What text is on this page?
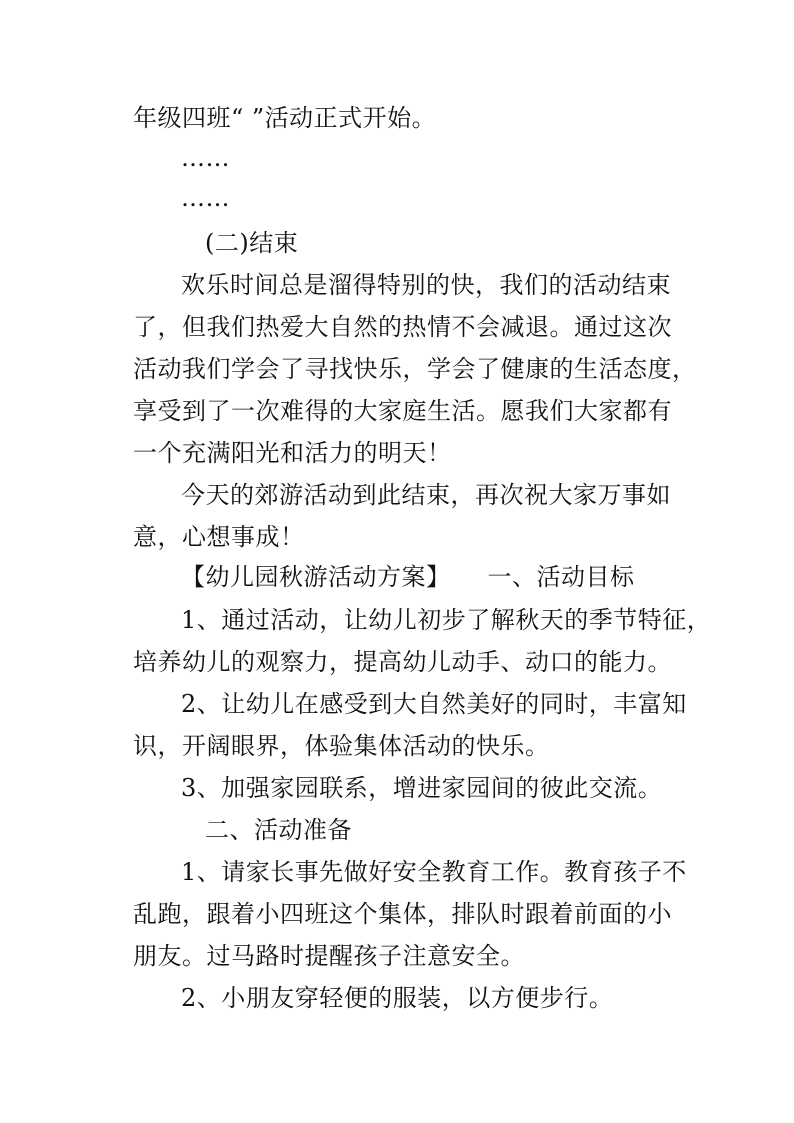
年级四班“ ”活动正式开始。
……
……
(二)结束
欢乐时间总是溜得特别的快，我们的活动结束
了，但我们热爱大自然的热情不会减退。通过这次
活动我们学会了寻找快乐，学会了健康的生活态度，
享受到了一次难得的大家庭生活。愿我们大家都有
一个充满阳光和活力的明天！
今天的郊游活动到此结束，再次祝大家万事如
意，心想事成！
【幼儿园秋游活动方案】　　一、活动目标
1、通过活动，让幼儿初步了解秋天的季节特征，
培养幼儿的观察力，提高幼儿动手、动口的能力。
2、让幼儿在感受到大自然美好的同时，丰富知
识，开阔眼界，体验集体活动的快乐。
3、加强家园联系，增进家园间的彼此交流。
二、活动准备
1、请家长事先做好安全教育工作。教育孩子不
乱跑，跟着小四班这个集体，排队时跟着前面的小
朋友。过马路时提醒孩子注意安全。
2、小朋友穿轻便的服装，以方便步行。
